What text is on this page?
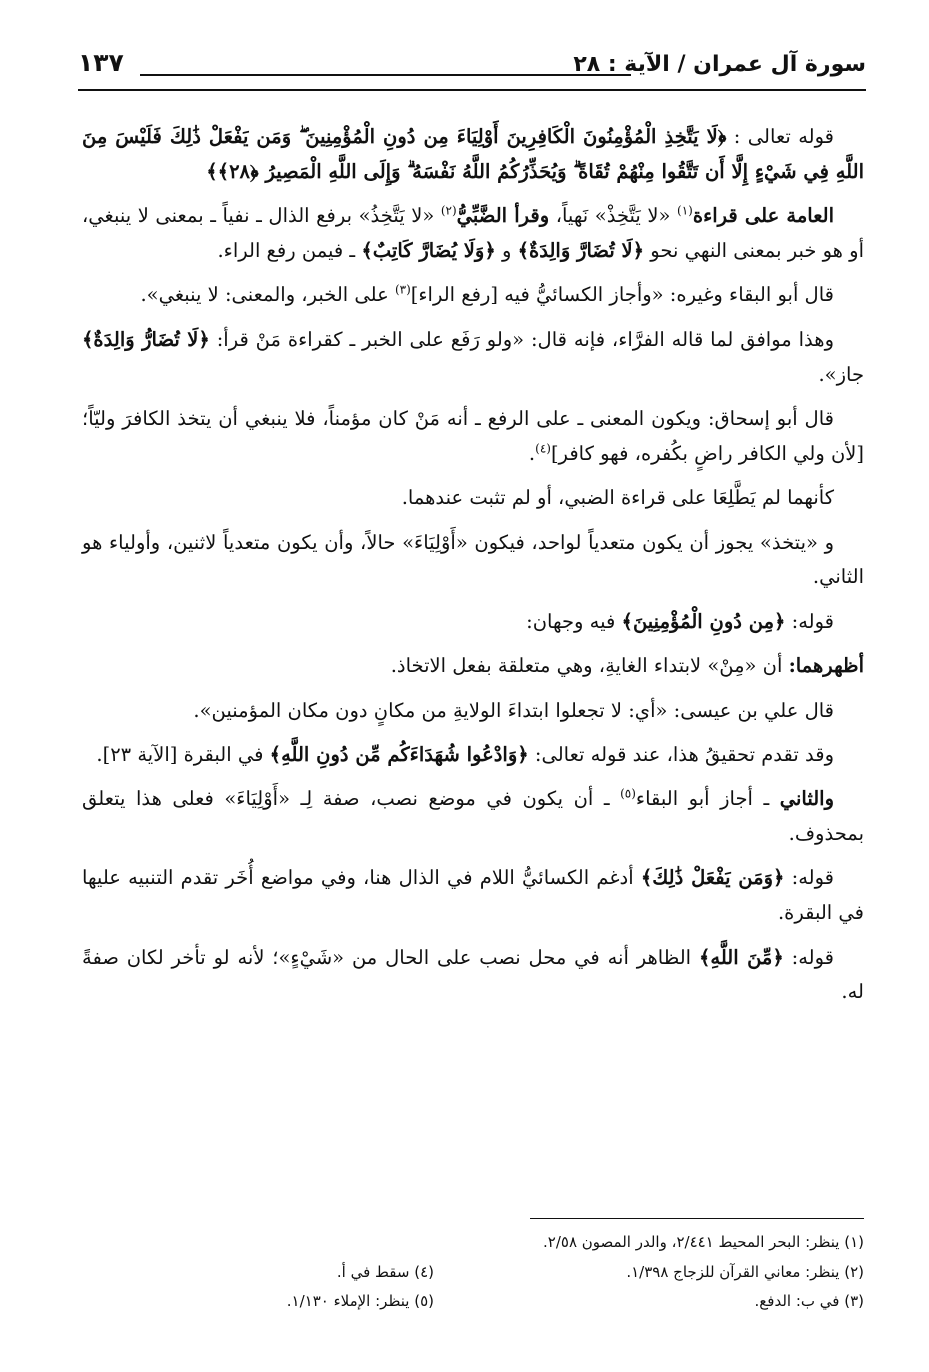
سورة آل عمران / الآية : ٢٨
١٣٧

قوله تعالى : ﴿لَا يَتَّخِذِ الْمُؤْمِنُونَ الْكَافِرِينَ أَوْلِيَاءَ مِن دُونِ الْمُؤْمِنِينَ ۖ وَمَن يَفْعَلْ ذَٰلِكَ فَلَيْسَ مِنَ اللَّهِ فِي شَيْءٍ إِلَّا أَن تَتَّقُوا مِنْهُمْ تُقَاةً ۗ وَيُحَذِّرُكُمُ اللَّهُ نَفْسَهُ ۗ وَإِلَى اللَّهِ الْمَصِيرُ ﴿٢٨﴾﴾

العامة على قراءة$^{(١)}$ «لا يَتَّخِذْ» نَهياً، وقرأ الضَّبِّيُّ$^{(٢)}$ «لا يَتَّخِذُ» برفع الذال ـ نفياً ـ بمعنى لا ينبغي، أو هو خبر بمعنى النهي نحو ﴿لَا تُضَارَّ وَالِدَةٌ﴾ و ﴿وَلَا يُضَارَّ كَاتِبٌ﴾ ـ فيمن رفع الراء.

قال أبو البقاء وغيره: «وأجاز الكسائيُّ فيه [رفع الراء]$^{(٣)}$ على الخبر، والمعنى: لا ينبغي».

وهذا موافق لما قاله الفرَّاء، فإنه قال: «ولو رَفَع على الخبر ـ كقراءة مَنْ قرأ: ﴿لَا تُضَارُّ وَالِدَةٌ﴾ جاز».

قال أبو إسحاق: ويكون المعنى ـ على الرفع ـ أنه مَنْ كان مؤمناً، فلا ينبغي أن يتخذ الكافرَ وليّاً؛ [لأن ولي الكافر راضٍ بكُفره، فهو كافر]$^{(٤)}$.

كأنهما لم يَطَّلِعَا على قراءة الضبي، أو لم تثبت عندهما.

و «يتخذ» يجوز أن يكون متعدياً لواحد، فيكون «أَوْلِيَاءَ» حالاً، وأن يكون متعدياً لاثنين، وأولياء هو الثاني.

قوله: ﴿مِن دُونِ الْمُؤْمِنِينَ﴾ فيه وجهان:

أظهرهما: أن «مِنْ» لابتداء الغايةِ، وهي متعلقة بفعل الاتخاذ.

قال علي بن عيسى: «أي: لا تجعلوا ابتداءَ الولايةِ من مكانٍ دون مكان المؤمنين».

وقد تقدم تحقيقُ هذا، عند قوله تعالى: ﴿وَادْعُوا شُهَدَاءَكُم مِّن دُونِ اللَّهِ﴾ في البقرة [الآية ٢٣].

والثاني ـ أجاز أبو البقاء$^{(٥)}$ ـ أن يكون في موضع نصب، صفة لِـ «أَوْلِيَاءَ» فعلى هذا يتعلق بمحذوف.

قوله: ﴿وَمَن يَفْعَلْ ذَٰلِكَ﴾ أدغم الكسائيُّ اللام في الذال هنا، وفي مواضع أُخَر تقدم التنبيه عليها في البقرة.

قوله: ﴿مِّنَ اللَّهِ﴾ الظاهر أنه في محل نصب على الحال من «شَيْءٍ»؛ لأنه لو تأخر لكان صفةً له.

(١) ينظر: البحر المحيط ٢/٤٤١، والدر المصون ٢/٥٨.
(٢) ينظر: معاني القرآن للزجاج ١/٣٩٨.
(٤) سقط في أ.
(٣) في ب: الدفع.
(٥) ينظر: الإملاء ١/١٣٠.
